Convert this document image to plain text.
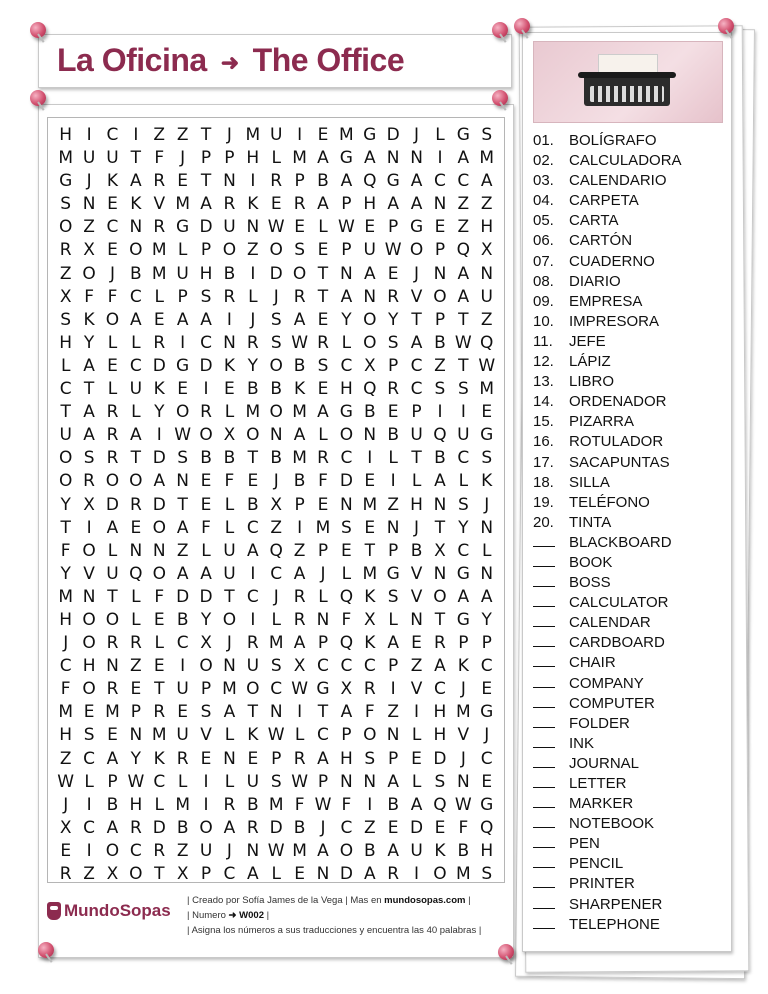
La Oficina ➜ The Office
H I C I Z Z T J M U I E M G D J L G S
M U U T F J P P H L M A G A N N I A M
G J K A R E T N I R P B A Q G A C C A
S N E K V M A R K E R A P H A A N Z Z
O Z C N R G D U N W E L W E P G E Z H
R X E O M L P O Z O S E P U W O P Q X
Z O J B M U H B I D O T N A E J N A N
X F F C L P S R L J R T A N R V O A U
S K O A E A A I	J S A E Y O Y T P T Z
H Y L L R I C N R S W R L O S A B W Q
L A E C D G D K Y O B S C X P C Z T W
C T L U K E I E B B K E H Q R C S S M
T A R L Y O R L M O M A G B E P I	I E
U A R A I W O X O N A L O N B U Q U G
O S R T D S B B T B M R C I L T B C S
O R O O A N E F E J B F D E I L A L K
Y X D R D T E L B X P E N M Z H N S J
T I A E O A F L C Z I M S E N J T Y N
F O L N N Z L U A Q Z P E T P B X C L
Y V U Q O A A U I C A J L M G V N G N
M N T L F D D T C J R L Q K S V O A A
H O O L E B Y O I L R N F X L N T G Y
J O R R L C X J R M A P Q K A E R P P
C H N Z E I O N U S X C C C P Z A K C
F O R E T U P M O C W G X R I V C J E
M E M P R E S A T N I T A F Z I H M G
H S E N M U V L K W L C P O N L H V J
Z C A Y K R E N E P R A H S P E D J C
W L P W C L I L U S W P N N A L S N E
J	I B H L M I R B M F W F I B A Q W G
X C A R D B O A R D B J C Z E D E F Q
E I O C R Z U J N W M A O B A U K B H
R Z X O T X P C A L E N D A R I O M S
MundoSopas
| Creado por Sofía James de la Vega | Mas en mundosopas.com |
| Numero ➜ W002 |
| Asigna los números a sus traducciones y encuentra las 40 palabras |
01.	BOLÍGRAFO
02.	CALCULADORA
03.	CALENDARIO
04.	CARPETA
05.	CARTA
06.	CARTÓN
07.	CUADERNO
08.	DIARIO
09.	EMPRESA
10.	IMPRESORA
11.	JEFE
12.	LÁPIZ
13.	LIBRO
14.	ORDENADOR
15.	PIZARRA
16.	ROTULADOR
17.	SACAPUNTAS
18.	SILLA
19.	TELÉFONO
20.	TINTA
BLACKBOARD
BOOK
BOSS
CALCULATOR
CALENDAR
CARDBOARD
CHAIR
COMPANY
COMPUTER
FOLDER
INK
JOURNAL
LETTER
MARKER
NOTEBOOK
PEN
PENCIL
PRINTER
SHARPENER
TELEPHONE
